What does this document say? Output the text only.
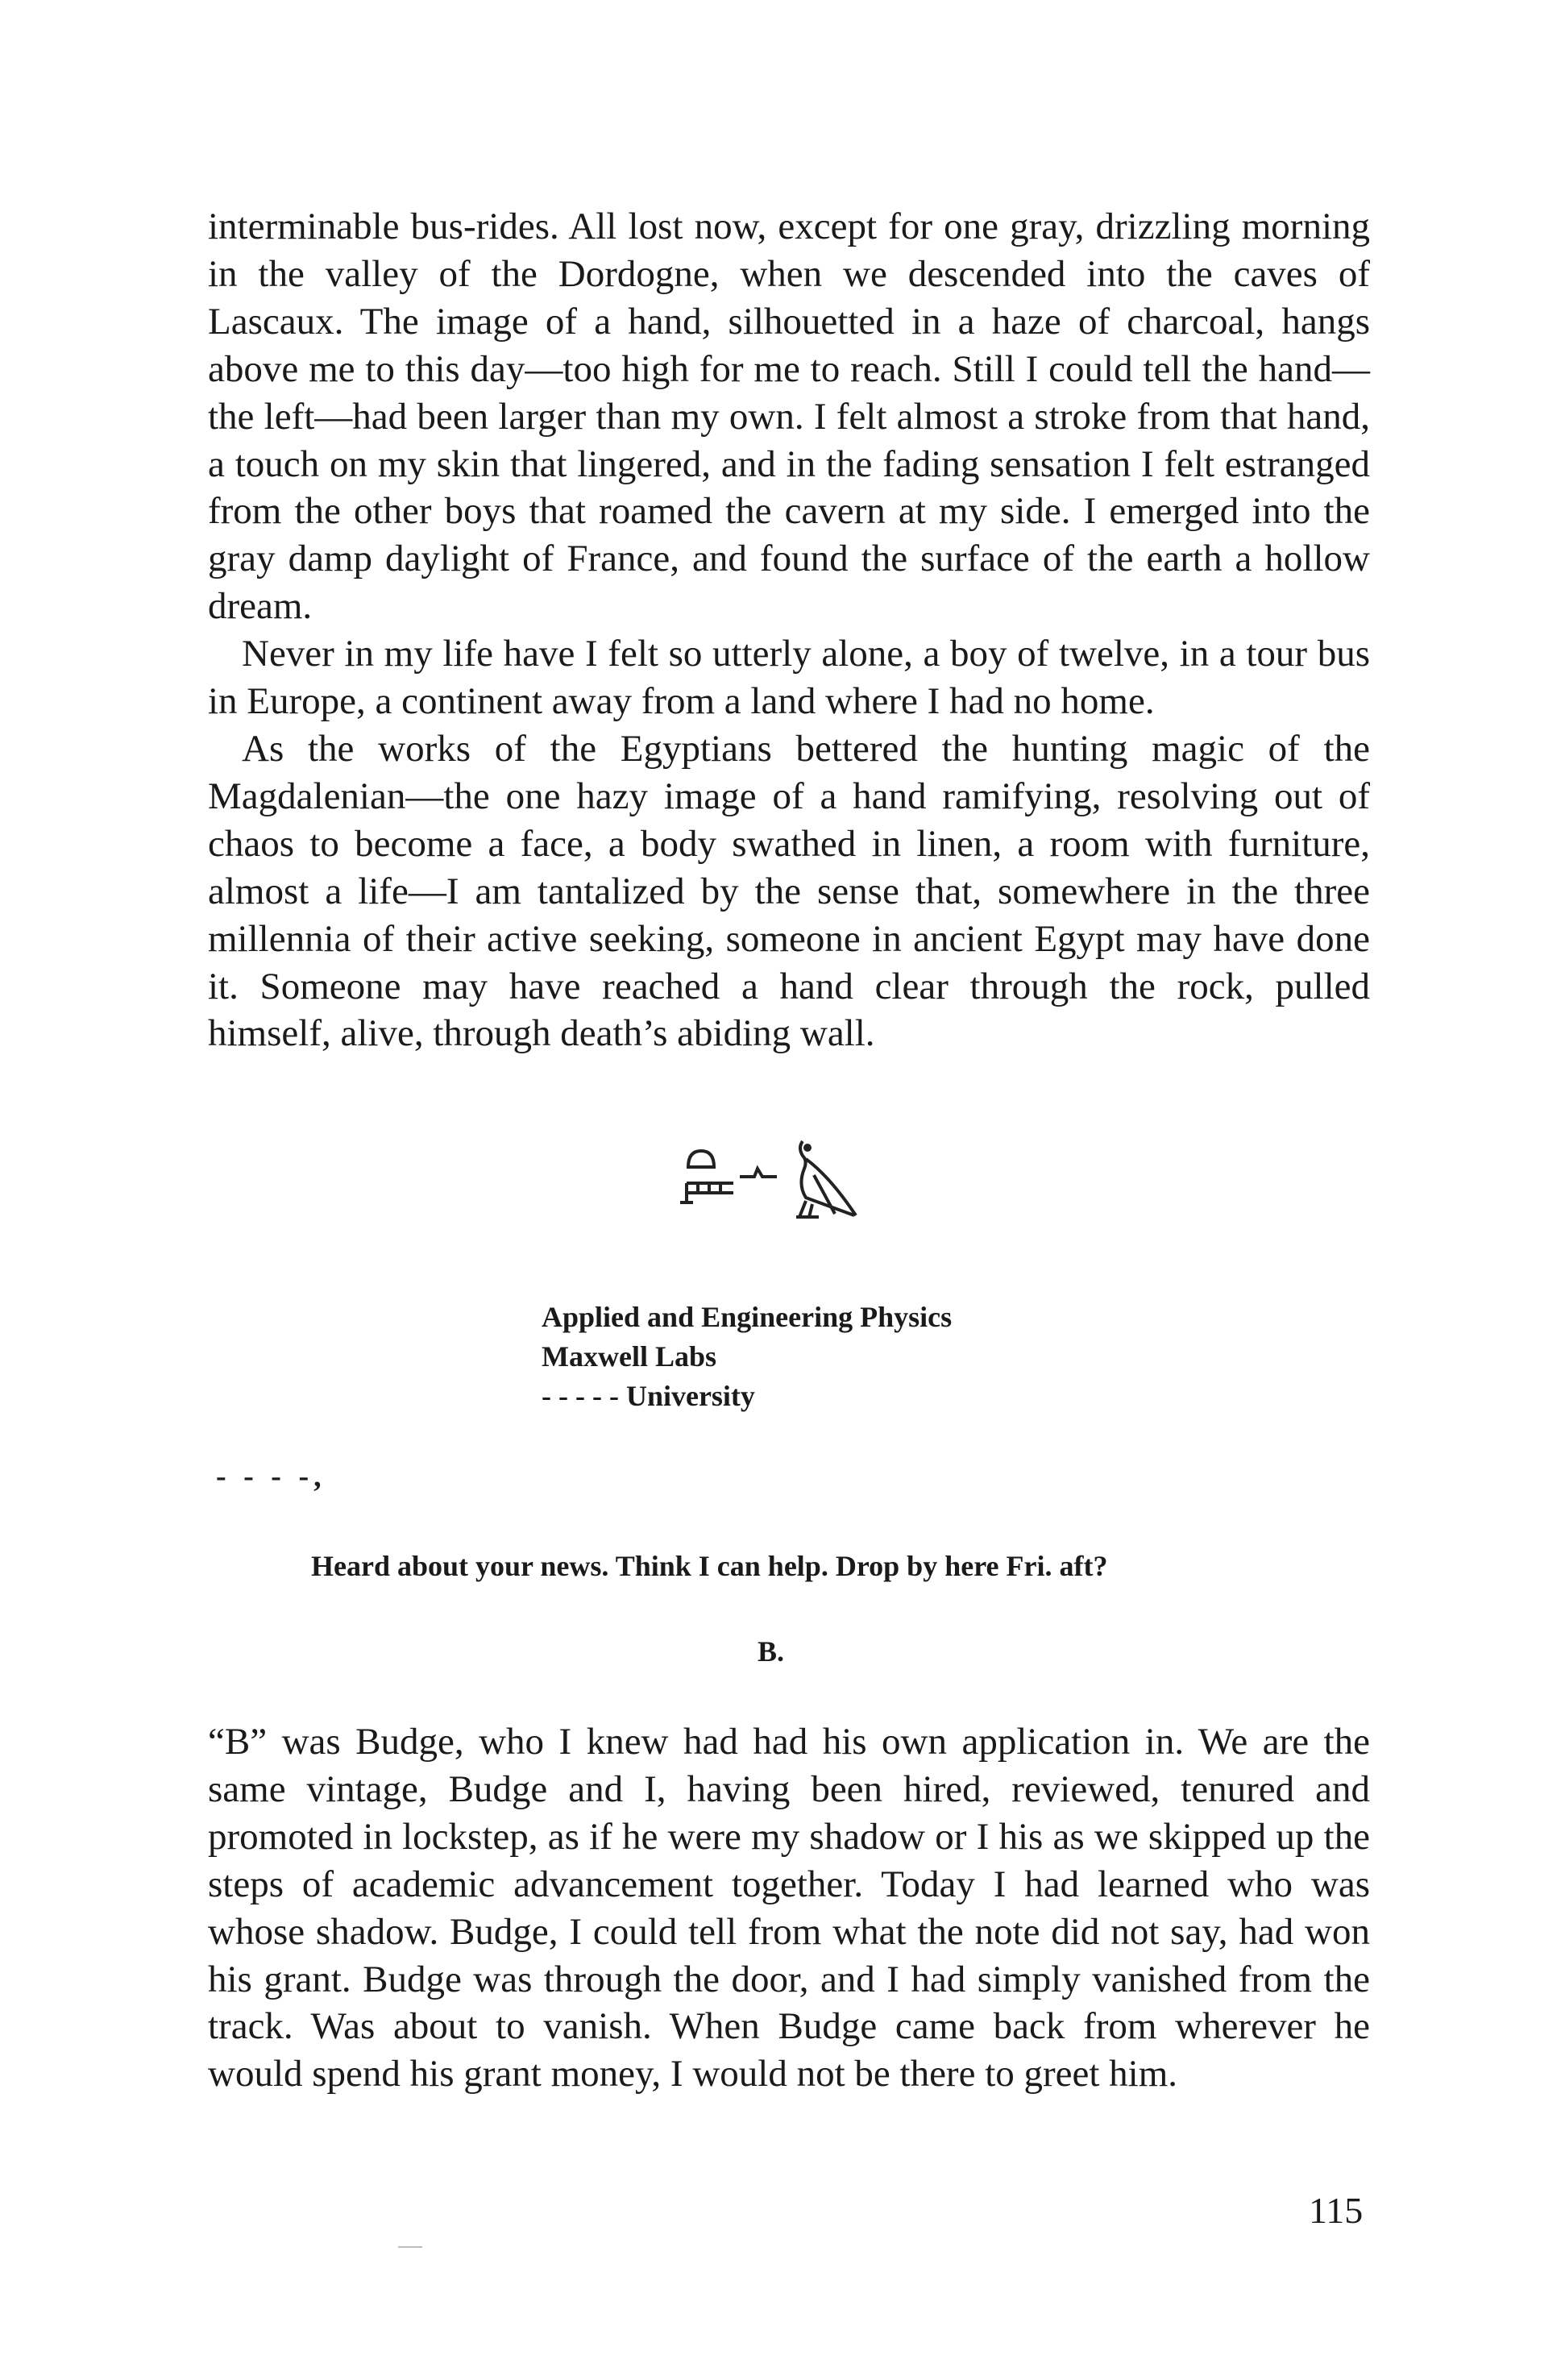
interminable bus-rides. All lost now, except for one gray, drizzling morning in the valley of the Dordogne, when we descended into the caves of Lascaux. The image of a hand, silhouetted in a haze of charcoal, hangs above me to this day—too high for me to reach. Still I could tell the hand—the left—had been larger than my own. I felt almost a stroke from that hand, a touch on my skin that lingered, and in the fading sensation I felt estranged from the other boys that roamed the cavern at my side. I emerged into the gray damp daylight of France, and found the surface of the earth a hollow dream.

Never in my life have I felt so utterly alone, a boy of twelve, in a tour bus in Europe, a continent away from a land where I had no home.

As the works of the Egyptians bettered the hunting magic of the Magdalenian—the one hazy image of a hand ramifying, resolving out of chaos to become a face, a body swathed in linen, a room with furniture, almost a life—I am tantalized by the sense that, somewhere in the three millennia of their active seeking, someone in ancient Egypt may have done it. Someone may have reached a hand clear through the rock, pulled himself, alive, through death’s abiding wall.

Applied and Engineering Physics
Maxwell Labs
- - - - - University
- - - -,
Heard about your news. Think I can help. Drop by here Fri. aft?
B.

“B” was Budge, who I knew had had his own application in. We are the same vintage, Budge and I, having been hired, reviewed, tenured and promoted in lockstep, as if he were my shadow or I his as we skipped up the steps of academic advancement together. Today I had learned who was whose shadow. Budge, I could tell from what the note did not say, had won his grant. Budge was through the door, and I had simply vanished from the track. Was about to vanish. When Budge came back from wherever he would spend his grant money, I would not be there to greet him.

115
